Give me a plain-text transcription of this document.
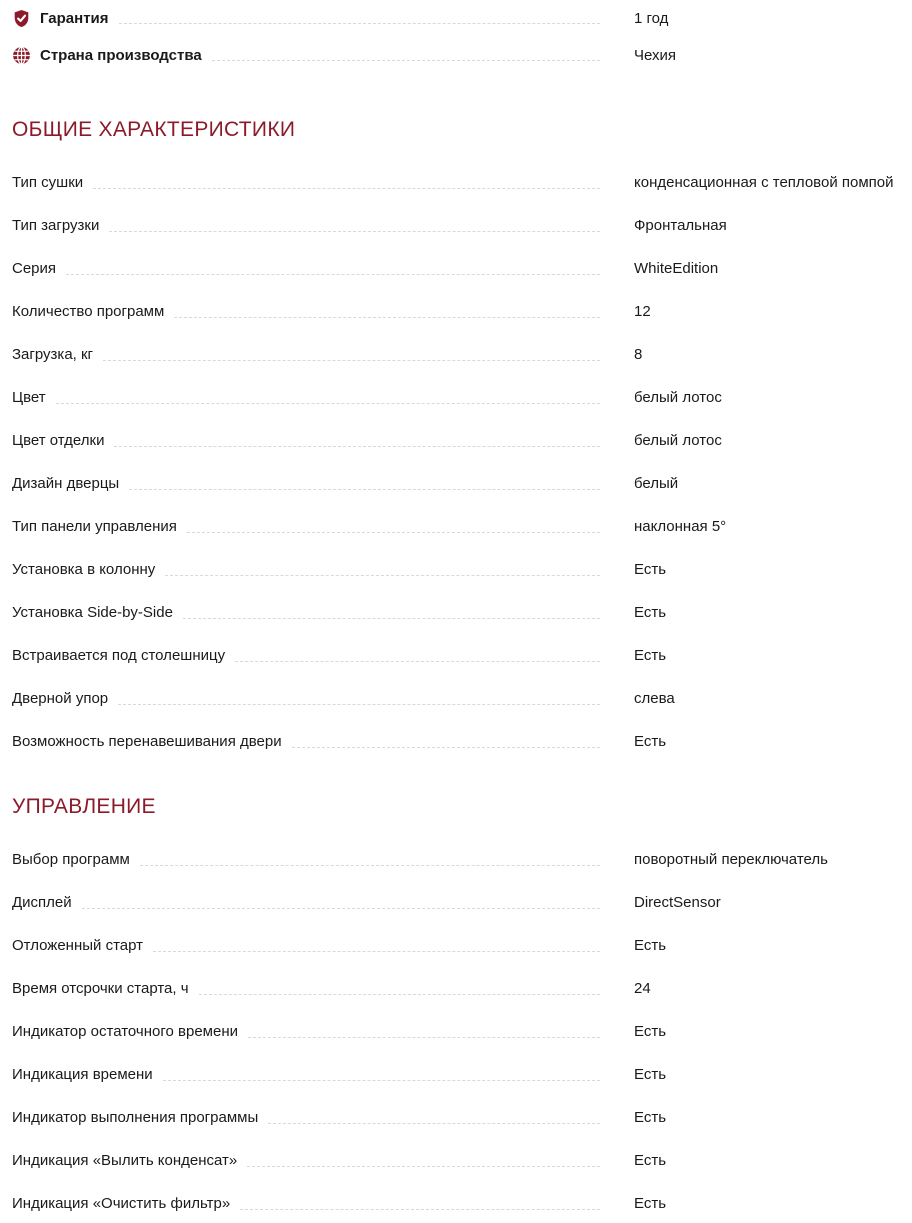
Гарантия	1 год
Страна производства	Чехия
ОБЩИЕ ХАРАКТЕРИСТИКИ
Тип сушки	конденсационная с тепловой помпой
Тип загрузки	Фронтальная
Серия	WhiteEdition
Количество программ	12
Загрузка, кг	8
Цвет	белый лотос
Цвет отделки	белый лотос
Дизайн дверцы	белый
Тип панели управления	наклонная 5°
Установка в колонну	Есть
Установка Side-by-Side	Есть
Встраивается под столешницу	Есть
Дверной упор	слева
Возможность перенавешивания двери	Есть
УПРАВЛЕНИЕ
Выбор программ	поворотный переключатель
Дисплей	DirectSensor
Отложенный старт	Есть
Время отсрочки старта, ч	24
Индикатор остаточного времени	Есть
Индикация времени	Есть
Индикатор выполнения программы	Есть
Индикация «Вылить конденсат»	Есть
Индикация «Очистить фильтр»	Есть
